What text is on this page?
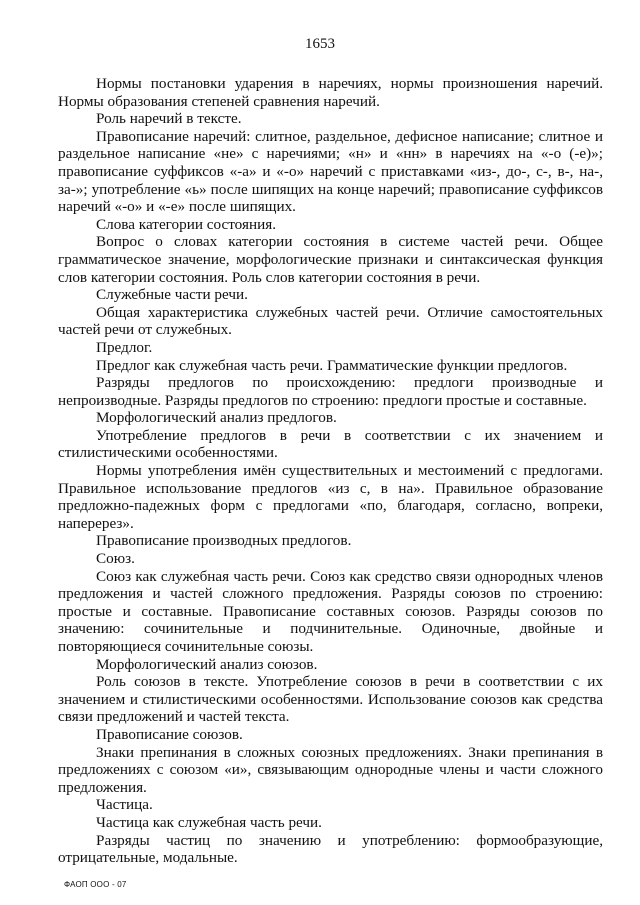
1653

Нормы постановки ударения в наречиях, нормы произношения наречий. Нормы образования степеней сравнения наречий.

Роль наречий в тексте.

Правописание наречий: слитное, раздельное, дефисное написание; слитное и раздельное написание «не» с наречиями; «н» и «нн» в наречиях на «-о (-е)»; правописание суффиксов «-а» и «-о» наречий с приставками «из-, до-, с-, в-, на-, за-»; употребление «ь» после шипящих на конце наречий; правописание суффиксов наречий «-о» и «-е» после шипящих.

Слова категории состояния.

Вопрос о словах категории состояния в системе частей речи. Общее грамматическое значение, морфологические признаки и синтаксическая функция слов категории состояния. Роль слов категории состояния в речи.

Служебные части речи.

Общая характеристика служебных частей речи. Отличие самостоятельных частей речи от служебных.

Предлог.

Предлог как служебная часть речи. Грамматические функции предлогов.

Разряды предлогов по происхождению: предлоги производные и непроизводные. Разряды предлогов по строению: предлоги простые и составные.

Морфологический анализ предлогов.

Употребление предлогов в речи в соответствии с их значением и стилистическими особенностями.

Нормы употребления имён существительных и местоимений с предлогами. Правильное использование предлогов «из с, в на». Правильное образование предложно-падежных форм с предлогами «по, благодаря, согласно, вопреки, наперерез».

Правописание производных предлогов.

Союз.

Союз как служебная часть речи. Союз как средство связи однородных членов предложения и частей сложного предложения. Разряды союзов по строению: простые и составные. Правописание составных союзов. Разряды союзов по значению: сочинительные и подчинительные. Одиночные, двойные и повторяющиеся сочинительные союзы.

Морфологический анализ союзов.

Роль союзов в тексте. Употребление союзов в речи в соответствии с их значением и стилистическими особенностями. Использование союзов как средства связи предложений и частей текста.

Правописание союзов.

Знаки препинания в сложных союзных предложениях. Знаки препинания в предложениях с союзом «и», связывающим однородные члены и части сложного предложения.

Частица.

Частица как служебная часть речи.

Разряды частиц по значению и употреблению: формообразующие, отрицательные, модальные.

ФАОП ООО - 07
